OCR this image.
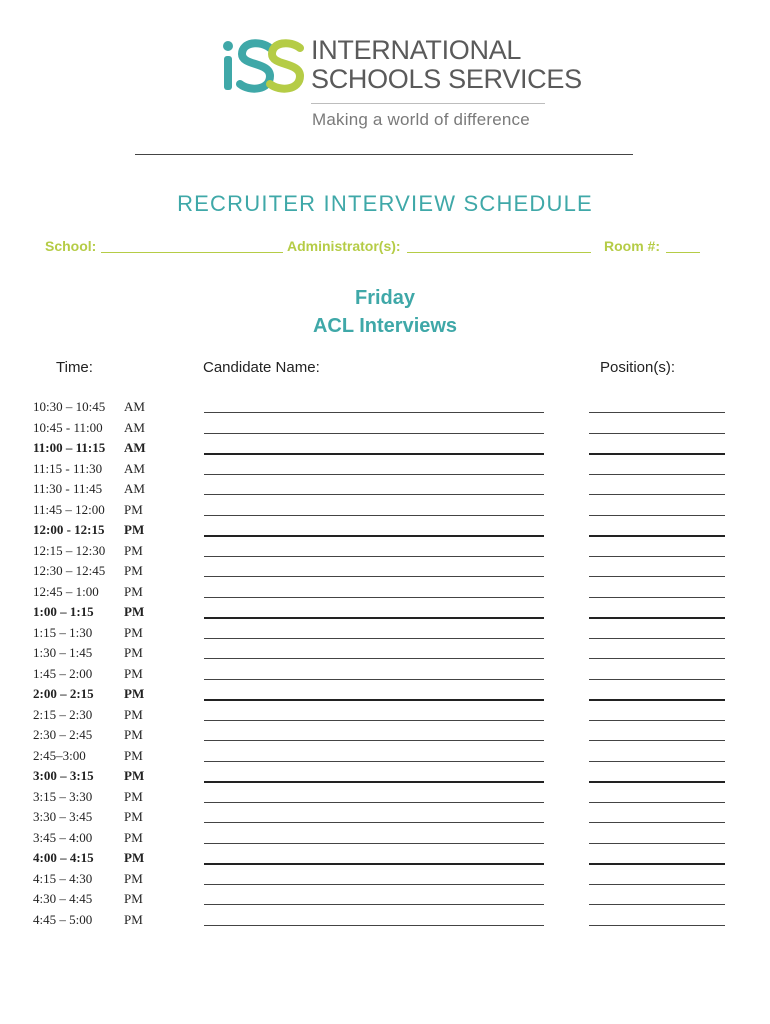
INTERNATIONAL
SCHOOLS SERVICES
Making a world of difference
RECRUITER INTERVIEW SCHEDULE
School:	Administrator(s):	Room #:
Friday
ACL Interviews
Time:	Candidate Name:	Position(s):
10:30 – 10:45 AM
10:45 - 11:00 AM
11:00 – 11:15 AM
11:15 - 11:30 AM
11:30 - 11:45 AM
11:45 – 12:00 PM
12:00 - 12:15 PM
12:15 – 12:30 PM
12:30 – 12:45 PM
12:45 – 1:00 PM
1:00 – 1:15 PM
1:15 – 1:30 PM
1:30 – 1:45 PM
1:45 – 2:00 PM
2:00 – 2:15 PM
2:15 – 2:30 PM
2:30 – 2:45 PM
2:45–3:00	PM
3:00 – 3:15 PM
3:15 – 3:30 PM
3:30 – 3:45 PM
3:45 – 4:00 PM
4:00 – 4:15 PM
4:15 – 4:30 PM
4:30 – 4:45 PM
4:45 – 5:00 PM
